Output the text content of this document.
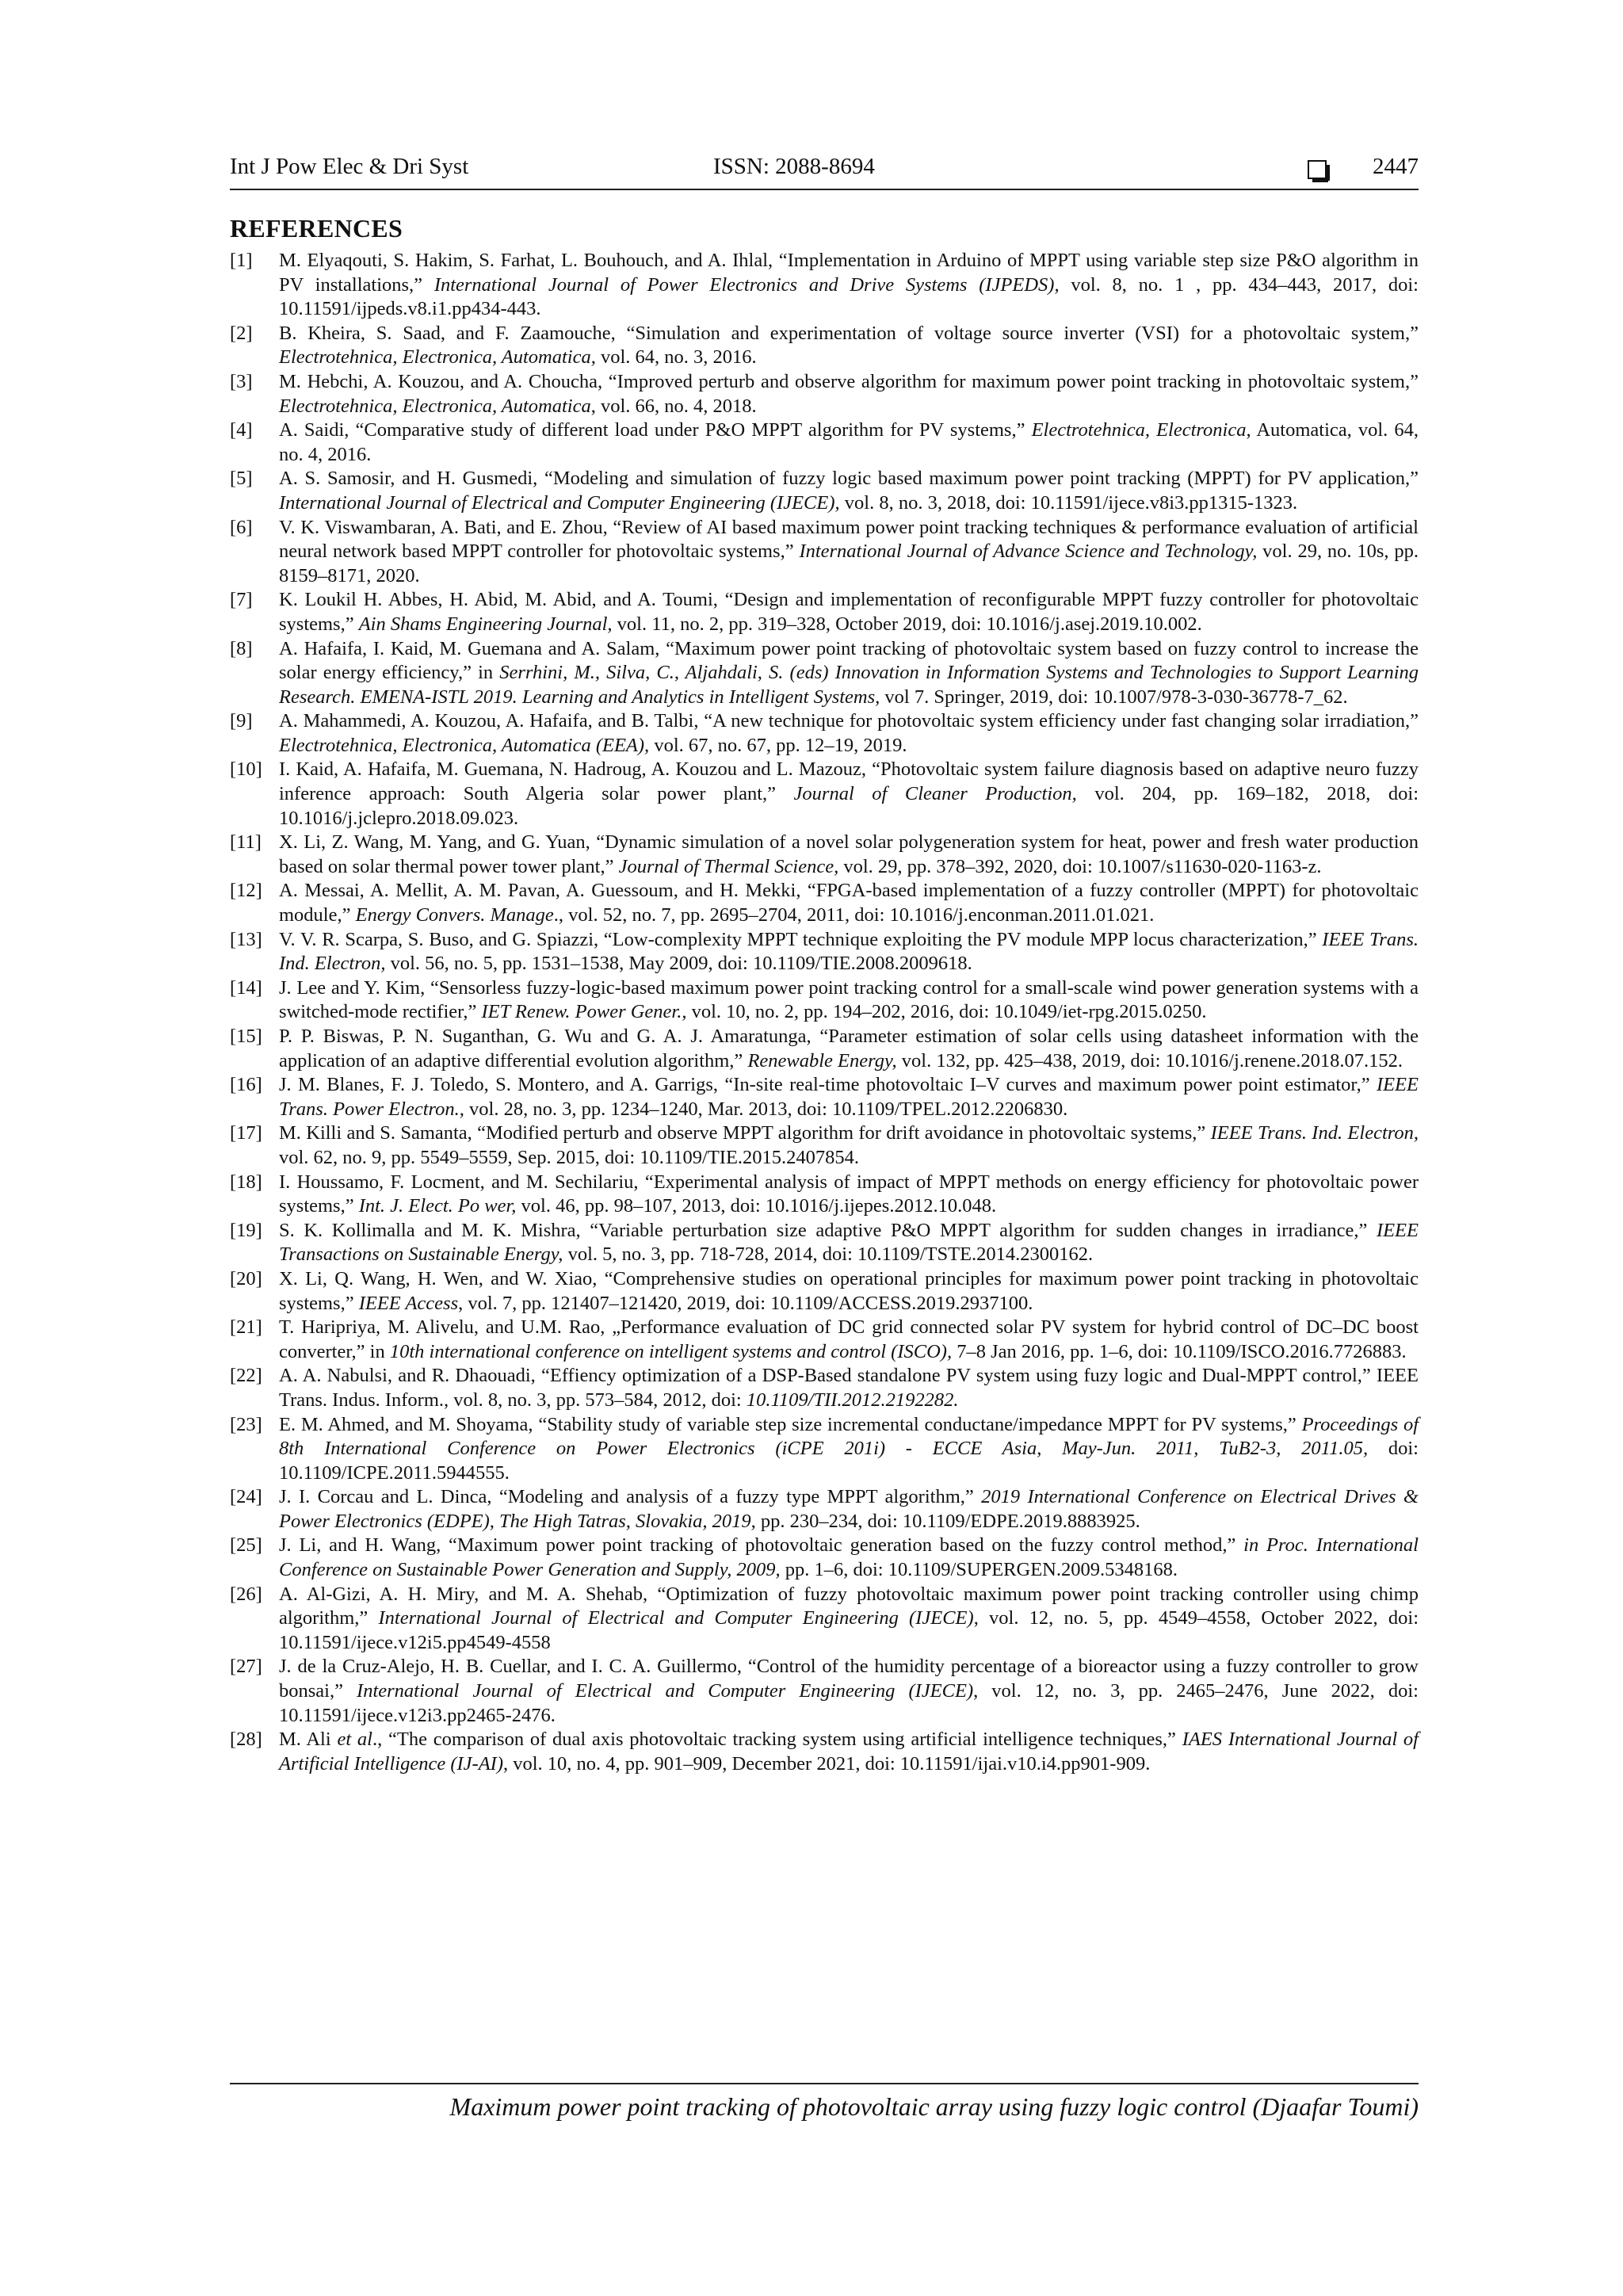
Int J Pow Elec & Dri Syst	ISSN: 2088-8694	2447
REFERENCES
[1] M. Elyaqouti, S. Hakim, S. Farhat, L. Bouhouch, and A. Ihlal, “Implementation in Arduino of MPPT using variable step size P&O algorithm in PV installations,” International Journal of Power Electronics and Drive Systems (IJPEDS), vol. 8, no. 1 , pp. 434–443, 2017, doi: 10.11591/ijpeds.v8.i1.pp434-443.
[2] B. Kheira, S. Saad, and F. Zaamouche, “Simulation and experimentation of voltage source inverter (VSI) for a photovoltaic system,” Electrotehnica, Electronica, Automatica, vol. 64, no. 3, 2016.
[3] M. Hebchi, A. Kouzou, and A. Choucha, “Improved perturb and observe algorithm for maximum power point tracking in photovoltaic system,” Electrotehnica, Electronica, Automatica, vol. 66, no. 4, 2018.
[4] A. Saidi, “Comparative study of different load under P&O MPPT algorithm for PV systems,” Electrotehnica, Electronica, Automatica, vol. 64, no. 4, 2016.
[5] A. S. Samosir, and H. Gusmedi, “Modeling and simulation of fuzzy logic based maximum power point tracking (MPPT) for PV application,” International Journal of Electrical and Computer Engineering (IJECE), vol. 8, no. 3, 2018, doi: 10.11591/ijece.v8i3.pp1315-1323.
[6] V. K. Viswambaran, A. Bati, and E. Zhou, “Review of AI based maximum power point tracking techniques & performance evaluation of artificial neural network based MPPT controller for photovoltaic systems,” International Journal of Advance Science and Technology, vol. 29, no. 10s, pp. 8159–8171, 2020.
[7] K. Loukil H. Abbes, H. Abid, M. Abid, and A. Toumi, “Design and implementation of reconfigurable MPPT fuzzy controller for photovoltaic systems,” Ain Shams Engineering Journal, vol. 11, no. 2, pp. 319–328, October 2019, doi: 10.1016/j.asej.2019.10.002.
[8] A. Hafaifa, I. Kaid, M. Guemana and A. Salam, “Maximum power point tracking of photovoltaic system based on fuzzy control to increase the solar energy efficiency,” in Serrhini, M., Silva, C., Aljahdali, S. (eds) Innovation in Information Systems and Technologies to Support Learning Research. EMENA-ISTL 2019. Learning and Analytics in Intelligent Systems, vol 7. Springer, 2019, doi: 10.1007/978-3-030-36778-7_62.
[9] A. Mahammedi, A. Kouzou, A. Hafaifa, and B. Talbi, “A new technique for photovoltaic system efficiency under fast changing solar irradiation,” Electrotehnica, Electronica, Automatica (EEA), vol. 67, no. 67, pp. 12–19, 2019.
[10] I. Kaid, A. Hafaifa, M. Guemana, N. Hadroug, A. Kouzou and L. Mazouz, “Photovoltaic system failure diagnosis based on adaptive neuro fuzzy inference approach: South Algeria solar power plant,” Journal of Cleaner Production, vol. 204, pp. 169–182, 2018, doi: 10.1016/j.jclepro.2018.09.023.
[11] X. Li, Z. Wang, M. Yang, and G. Yuan, “Dynamic simulation of a novel solar polygeneration system for heat, power and fresh water production based on solar thermal power tower plant,” Journal of Thermal Science, vol. 29, pp. 378–392, 2020, doi: 10.1007/s11630-020-1163-z.
[12] A. Messai, A. Mellit, A. M. Pavan, A. Guessoum, and H. Mekki, “FPGA-based implementation of a fuzzy controller (MPPT) for photovoltaic module,” Energy Convers. Manage., vol. 52, no. 7, pp. 2695–2704, 2011, doi: 10.1016/j.enconman.2011.01.021.
[13] V. V. R. Scarpa, S. Buso, and G. Spiazzi, “Low-complexity MPPT technique exploiting the PV module MPP locus characterization,” IEEE Trans. Ind. Electron, vol. 56, no. 5, pp. 1531–1538, May 2009, doi: 10.1109/TIE.2008.2009618.
[14] J. Lee and Y. Kim, “Sensorless fuzzy-logic-based maximum power point tracking control for a small-scale wind power generation systems with a switched-mode rectifier,” IET Renew. Power Gener., vol. 10, no. 2, pp. 194–202, 2016, doi: 10.1049/iet-rpg.2015.0250.
[15] P. P. Biswas, P. N. Suganthan, G. Wu and G. A. J. Amaratunga, “Parameter estimation of solar cells using datasheet information with the application of an adaptive differential evolution algorithm,” Renewable Energy, vol. 132, pp. 425–438, 2019, doi: 10.1016/j.renene.2018.07.152.
[16] J. M. Blanes, F. J. Toledo, S. Montero, and A. Garrigs, “In-site real-time photovoltaic I–V curves and maximum power point estimator,” IEEE Trans. Power Electron., vol. 28, no. 3, pp. 1234–1240, Mar. 2013, doi: 10.1109/TPEL.2012.2206830.
[17] M. Killi and S. Samanta, “Modified perturb and observe MPPT algorithm for drift avoidance in photovoltaic systems,” IEEE Trans. Ind. Electron, vol. 62, no. 9, pp. 5549–5559, Sep. 2015, doi: 10.1109/TIE.2015.2407854.
[18] I. Houssamo, F. Locment, and M. Sechilariu, “Experimental analysis of impact of MPPT methods on energy efficiency for photovoltaic power systems,” Int. J. Elect. Po wer, vol. 46, pp. 98–107, 2013, doi: 10.1016/j.ijepes.2012.10.048.
[19] S. K. Kollimalla and M. K. Mishra, “Variable perturbation size adaptive P&O MPPT algorithm for sudden changes in irradiance,” IEEE Transactions on Sustainable Energy, vol. 5, no. 3, pp. 718-728, 2014, doi: 10.1109/TSTE.2014.2300162.
[20] X. Li, Q. Wang, H. Wen, and W. Xiao, “Comprehensive studies on operational principles for maximum power point tracking in photovoltaic systems,” IEEE Access, vol. 7, pp. 121407–121420, 2019, doi: 10.1109/ACCESS.2019.2937100.
[21] T. Haripriya, M. Alivelu, and U.M. Rao, „Performance evaluation of DC grid connected solar PV system for hybrid control of DC–DC boost converter,” in 10th international conference on intelligent systems and control (ISCO), 7–8 Jan 2016, pp. 1–6, doi: 10.1109/ISCO.2016.7726883.
[22] A. A. Nabulsi, and R. Dhaouadi, “Effiency optimization of a DSP-Based standalone PV system using fuzy logic and Dual-MPPT control,” IEEE Trans. Indus. Inform., vol. 8, no. 3, pp. 573–584, 2012, doi: 10.1109/TII.2012.2192282.
[23] E. M. Ahmed, and M. Shoyama, “Stability study of variable step size incremental conductane/impedance MPPT for PV systems,” Proceedings of 8th International Conference on Power Electronics (iCPE 201i) - ECCE Asia, May-Jun. 2011, TuB2-3, 2011.05, doi: 10.1109/ICPE.2011.5944555.
[24] J. I. Corcau and L. Dinca, “Modeling and analysis of a fuzzy type MPPT algorithm,” 2019 International Conference on Electrical Drives & Power Electronics (EDPE), The High Tatras, Slovakia, 2019, pp. 230–234, doi: 10.1109/EDPE.2019.8883925.
[25] J. Li, and H. Wang, “Maximum power point tracking of photovoltaic generation based on the fuzzy control method,” in Proc. International Conference on Sustainable Power Generation and Supply, 2009, pp. 1–6, doi: 10.1109/SUPERGEN.2009.5348168.
[26] A. Al-Gizi, A. H. Miry, and M. A. Shehab, “Optimization of fuzzy photovoltaic maximum power point tracking controller using chimp algorithm,” International Journal of Electrical and Computer Engineering (IJECE), vol. 12, no. 5, pp. 4549–4558, October 2022, doi: 10.11591/ijece.v12i5.pp4549-4558
[27] J. de la Cruz-Alejo, H. B. Cuellar, and I. C. A. Guillermo, “Control of the humidity percentage of a bioreactor using a fuzzy controller to grow bonsai,” International Journal of Electrical and Computer Engineering (IJECE), vol. 12, no. 3, pp. 2465–2476, June 2022, doi: 10.11591/ijece.v12i3.pp2465-2476.
[28] M. Ali et al., “The comparison of dual axis photovoltaic tracking system using artificial intelligence techniques,” IAES International Journal of Artificial Intelligence (IJ-AI), vol. 10, no. 4, pp. 901–909, December 2021, doi: 10.11591/ijai.v10.i4.pp901-909.
Maximum power point tracking of photovoltaic array using fuzzy logic control (Djaafar Toumi)
